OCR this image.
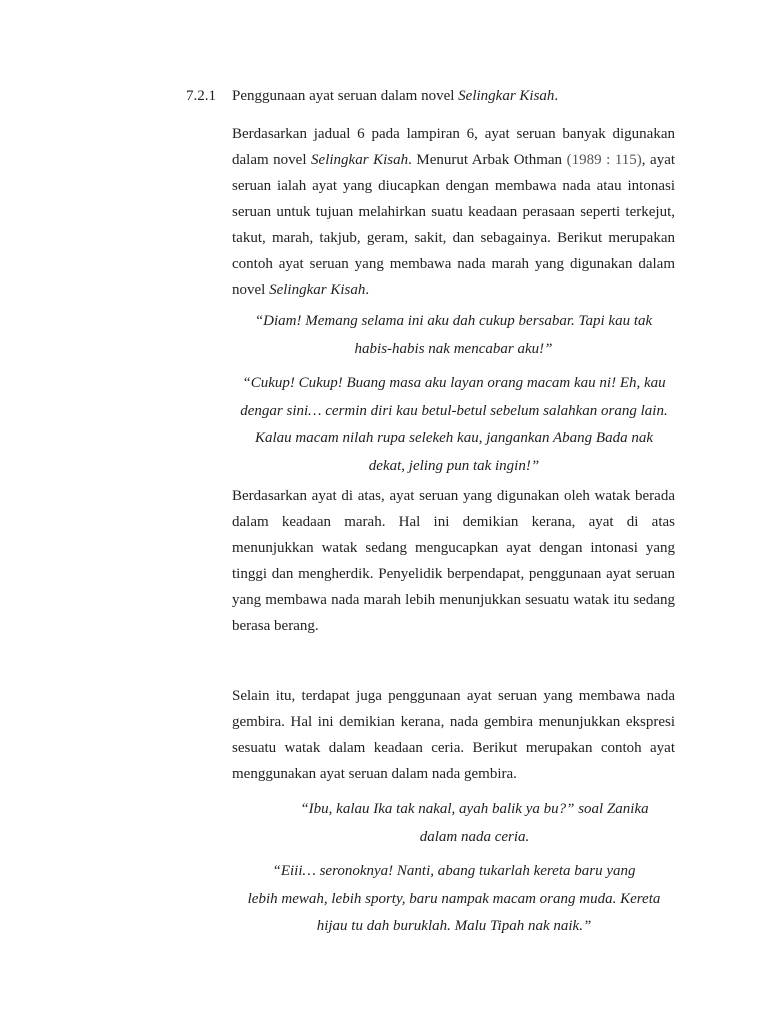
7.2.1 Penggunaan ayat seruan dalam novel Selingkar Kisah.

Berdasarkan jadual 6 pada lampiran 6, ayat seruan banyak digunakan dalam novel Selingkar Kisah. Menurut Arbak Othman (1989 : 115), ayat seruan ialah ayat yang diucapkan dengan membawa nada atau intonasi seruan untuk tujuan melahirkan suatu keadaan perasaan seperti terkejut, takut, marah, takjub, geram, sakit, dan sebagainya. Berikut merupakan contoh ayat seruan yang membawa nada marah yang digunakan dalam novel Selingkar Kisah.

“Diam! Memang selama ini aku dah cukup bersabar. Tapi kau tak
habis-habis nak mencabar aku!”

“Cukup! Cukup! Buang masa aku layan orang macam kau ni! Eh, kau
dengar sini… cermin diri kau betul-betul sebelum salahkan orang lain.
Kalau macam nilah rupa selekeh kau, jangankan Abang Bada nak
dekat, jeling pun tak ingin!”

Berdasarkan ayat di atas, ayat seruan yang digunakan oleh watak berada dalam keadaan marah. Hal ini demikian kerana, ayat di atas menunjukkan watak sedang mengucapkan ayat dengan intonasi yang tinggi dan mengherdik. Penyelidik berpendapat, penggunaan ayat seruan yang membawa nada marah lebih menunjukkan sesuatu watak itu sedang berasa berang.

Selain itu, terdapat juga penggunaan ayat seruan yang membawa nada gembira. Hal ini demikian kerana, nada gembira menunjukkan ekspresi sesuatu watak dalam keadaan ceria. Berikut merupakan contoh ayat menggunakan ayat seruan dalam nada gembira.

“Ibu, kalau Ika tak nakal, ayah balik ya bu?” soal Zanika
dalam nada ceria.

“Eiii… seronoknya! Nanti, abang tukarlah kereta baru yang
lebih mewah, lebih sporty, baru nampak macam orang muda. Kereta
hijau tu dah buruklah. Malu Tipah nak naik.”
